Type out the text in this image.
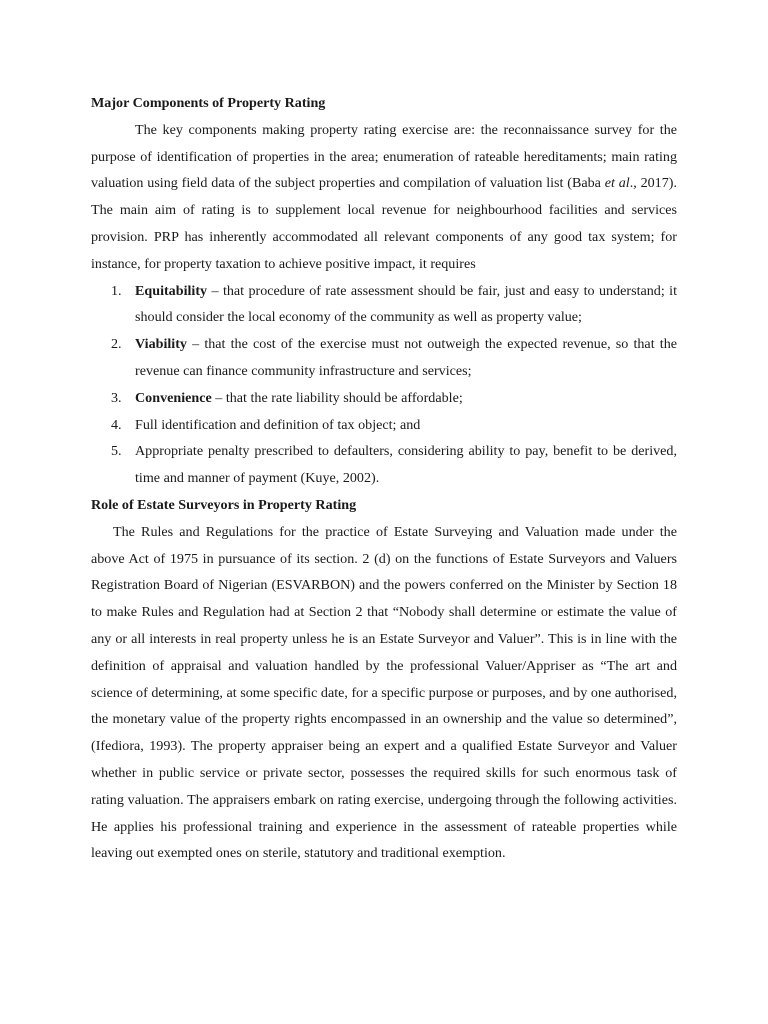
Major Components of Property Rating

The key components making property rating exercise are: the reconnaissance survey for the purpose of identification of properties in the area; enumeration of rateable hereditaments; main rating valuation using field data of the subject properties and compilation of valuation list (Baba et al., 2017). The main aim of rating is to supplement local revenue for neighbourhood facilities and services provision. PRP has inherently accommodated all relevant components of any good tax system; for instance, for property taxation to achieve positive impact, it requires

1. Equitability – that procedure of rate assessment should be fair, just and easy to understand; it should consider the local economy of the community as well as property value;
2. Viability – that the cost of the exercise must not outweigh the expected revenue, so that the revenue can finance community infrastructure and services;
3. Convenience – that the rate liability should be affordable;
4. Full identification and definition of tax object; and
5. Appropriate penalty prescribed to defaulters, considering ability to pay, benefit to be derived, time and manner of payment (Kuye, 2002).

Role of Estate Surveyors in Property Rating

The Rules and Regulations for the practice of Estate Surveying and Valuation made under the above Act of 1975 in pursuance of its section. 2 (d) on the functions of Estate Surveyors and Valuers Registration Board of Nigerian (ESVARBON) and the powers conferred on the Minister by Section 18 to make Rules and Regulation had at Section 2 that “Nobody shall determine or estimate the value of any or all interests in real property unless he is an Estate Surveyor and Valuer”. This is in line with the definition of appraisal and valuation handled by the professional Valuer/Appriser as “The art and science of determining, at some specific date, for a specific purpose or purposes, and by one authorised, the monetary value of the property rights encompassed in an ownership and the value so determined”, (Ifediora, 1993). The property appraiser being an expert and a qualified Estate Surveyor and Valuer whether in public service or private sector, possesses the required skills for such enormous task of rating valuation. The appraisers embark on rating exercise, undergoing through the following activities. He applies his professional training and experience in the assessment of rateable properties while leaving out exempted ones on sterile, statutory and traditional exemption.
